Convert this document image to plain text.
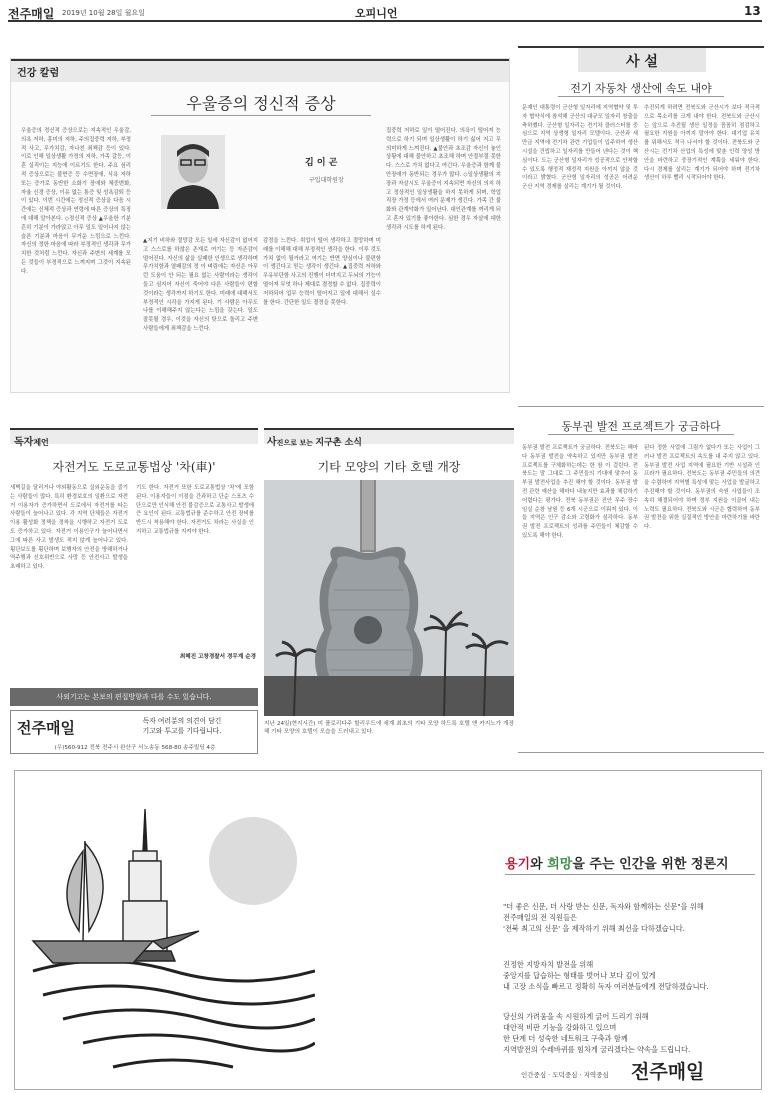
전주매일 2019년 10월 28일 월요일	오피니언	13
건강 칼럼
우울증의 정신적 증상
우울증의 정신적 증상으로는 지속적인 우울감, 의욕 저하, 흥미의 저하, 주의집중력 저하, 부정적 사고, 무가치감, 자나친 죄책감 등이 있다. 이로 인해 일상생활 가정의 저하, 가족 갈등, 이혼 실직이는 지능에 이르기도 한다. 주요 심리적 증상으로는 불면증 등 수면장애, 식욕 저하 또는 증가로 동반한 소화기 장애와 체중변화, 자율 신경 증상, 이유 없는 통증 및 성욕감퇴 등이 있다. 이번 시간에는 정신적 증상을 다음 시간에는 신체적 증상과 연령에 따른 증상의 특징에 대해 알아본다. ◇정신적 증상 ▲우울한 기분 흔히 기분이 가라앉고 아무 일도 일어나지 않는 슬픈 기분과 마음이 무거운 느낌으로 느낀다. 자신의 정한 마음에 따라 부정적인 생각과 무가치한 것처럼 느낀다. 자신과 주변의 세계를 모든 것들이 부정적으로 느껴지며 그것이 지속된다.
김 이 곤
구입대학원장
▲지기 비하와 절망감 모든 일에 자신감이 없어지고 스스로를 하찮은 존재로 여기는 등 자존감이 떨어진다. 자신의 삶을 실패한 인생으로 생각하며 무가치함과 열패감의 정 이 벼림에는 자신은 아무런 도움이 안 되는 필요 없는 사람이라는 생각이 들고 심지어 자신이 죽어야 다른 사람들이 편할 것이라는 생각까지 하기도 한다. 미래에 대해서도 부정적인 시각을 가지게 된다. 기 사람은 아무도 나를 이해해주지 않는다는 느낌을 갖는다. 일도 잘못될 경우, 이것을 자신의 탓으로 돌리고 주변사람들에게 죄책감을 느낀다.
감정을 느낀다. 취업이 떨어 생각하고 절망하며 미래를 이해해 대해 부정적인 생각을 한다. 이루 것도 가치 없이 될거라고 여기는 반면 양심이나 불편함이 생긴다고 믿는 생각이 생긴다. ▲집중력 저하와 우유부단함 사고의 진행이 더뎌지고 두뇌의 기능이 떨어져 무엇 하나 제대로 결정할 수 없다. 집중력이 저하되어 업무 능력이 떨어지고 일에 대해서 실수를 한다. 간단한 일도 결정을 못한다.
집중력 저하로 일이 떨어진다. 의욕이 떨어져 능력으로 하기 되며 일상생활이 하기 싫어 지고 무의미하게 느껴진다. ▲불안과 초조감 자신이 놓인 상황에 대해 불안하고 초조해 하며 안절부절 못한다. 스스로 가치 없다고 여긴다. 우울증과 함께 불안장애가 동반되는 경우가 많다. ◇일상생활의 지장과 자살시도 우울증이 지속되면 자신의 의지 하고 정상적인 일상생활을 하지 못하게 되며, 학업 직장 가정 등에서 여러 문제가 생긴다. 가족 간 불화와 관계악화가 일어난다. 대인관계를 꺼리게 되고 혼자 있기를 좋아한다. 심한 경우 자살에 대한 생각과 시도를 하게 된다.
사 설
전기 자동차 생산에 속도 내야
문재인 대통령이 군산형 일자리에 지역협약 및 투자 협약식에 참석해 군산의 대규모 일자리 창출을 축하했다. 군산형 일자리는 전기차 클러스터를 중심으로 지역 상생형 일자리 모델이다. 군산과 새만금 지역에 전기차 관련 기업들이 입주하여 생산 시설을 건립하고 일자리를 만들어 낸다는 것이 핵심이다. 도는 군산형 일자리가 성공적으로 안착할 수 있도록 행정적 재정적 지원을 아끼지 않을 것이라고 밝혔다. 군산형 일자리의 성공은 어려운 군산 지역 경제를 살리는 계기가 될 것이다.
추진되게 하려면 전북도와 군산시가 보다 적극적으로 목소리를 크게 내야 한다. 전북도와 군산시는 앞으로 추진될 생산 일정을 꼼꼼히 점검하고 필요한 지원을 아끼지 말아야 한다. 대기업 유치를 위해서도 적극 나서야 할 것이다. 전북도와 군산시는 전기차 산업의 특성에 맞춘 인력 양성 방안을 마련하고 중장기적인 계획을 세워야 한다. 다시 경제를 살리는 계기가 되어야 하며 전기차 생산이 하루 빨리 시작되어야 한다.
동부권 발전 프로젝트가 궁금하다
동부권 발전 프로젝트가 궁금하다. 전북도는 해마다 동부권 발전을 약속하고 있지만 동부권 발전 프로젝트를 구체화하는데는 한 참 이 걸린다. 전북도는 말 그대로 그 주민들의 기대에 맞추어 동부권 발전사업을 추진 해야 할 것이다. 동부권 발전 관련 예산을 해마다 내놓지만 효과를 체감하기 어렵다는 평가다. 전북 동부권은 진안 무주 장수 임실 순창 남원 등 6개 시군으로 이뤄져 있다. 이들 지역은 인구 감소와 고령화가 심각하다. 동부권 발전 프로젝트의 성과를 주민들이 체감할 수 있도록 해야 한다.
된다 정한 사업에 그림가 없다가 또는 사업이 그러나 발전 프로젝트의 속도를 내 주지 않고 있다. 동부권 발전 사업 지역에 필요한 기반 시설과 인프라가 필요하다. 전북도는 동부권 주민들의 의견을 수렴하여 지역별 특성에 맞는 사업을 발굴하고 추진해야 할 것이다. 동부권의 숙원 사업들이 조속히 해결되어야 하며 정부 지원을 이끌어 내는 노력도 필요하다. 전북도와 시군은 협력하여 동부권 발전을 위한 실질적인 방안을 마련하기를 바란다.
독자제언
자전거도 도로교통법상 '차(車)'
새벽길을 달리거나 야외활동으로 실외운동을 즐기는 사람들이 많다. 특히 환경보호의 일환으로 자전거 이용자가 증가하면서 도로에서 자전거를 타는 사람들이 늘어나고 있다. 각 지역 단체들은 자전거 이용 활성화 정책을 정착을 시행하고 자전거 도로도 증가하고 있다. 자전거 이용인구가 늘어나면서 그에 따른 사고 발생도 적지 않게 늘어나고 있다. 횡단보도를 횡단하며 보행자의 안전을 방해하거나 역주행과 신호위반으로 사망 등 안전사고 발생을 초래하고 있다.
기도 한다. 자전거 또한 도로교통법상 '차'에 포함된다. 이용자들이 이점을 간과하고 단순 스포츠 수단으로만 인식해 안전 불감증으로 교통사고 발생에 큰 요인이 된다. 교통법규를 준수하고 안전 장비를 반드시 착용해야 한다. 자전거도 차라는 사실을 인지하고 교통법규를 지켜야 한다.
최혜진 고창경찰서 경무계 순경
사진으로 보는 지구촌 소식
기타 모양의 기타 호텔 개장
지난 24일(현지시간) 미 플로리다주 할리우드에 세계 최초의 기타 모양 하드록 호텔 앤 카지노가 개장해 기타 모양의 호텔이 모습을 드러내고 있다.
사외기고는 본보의 편집방향과 다를 수도 있습니다.
전주매일	독자 여러분의 의견이 담긴
기고와 투고를 기다립니다.
(우)560-912 전북 전주시 완산구 서노송동 568-80 송주빌딩 4층
용기와 희망을 주는 인간을 위한 정론지
"더 좋은 신문, 더 사랑 받는 신문, 독자와 함께하는 신문"을 위해
전주매일의 전 직원들은
'전북 최고의 신문' 을 제작하기 위해 최선을 다하겠습니다.
진정한 지방자치 발전을 위해
중앙지를 답습하는 형태를 벗어나 보다 깊이 있게
내 고장 소식을 빠르고 정확히 독자 여러분들에게 전달하겠습니다.
당신의 가려움을 속 시원하게 긁어 드리기 위해
대안적 비판 기능을 강화하고 있으며
한 단계 더 성숙한 네트워크 구축과 함께
지역발전의 수레바퀴를 힘차게 굴리겠다는 약속을 드립니다.
인간중심 · 도덕중심 · 지역중심 전주매일
